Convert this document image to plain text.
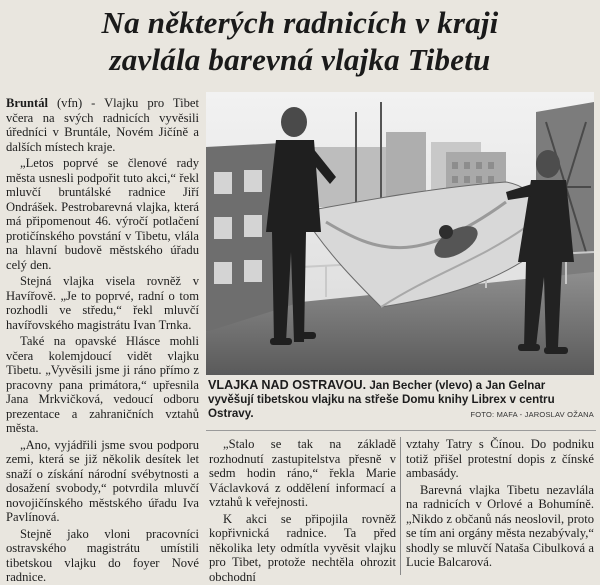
Na některých radnicích v kraji
zavlála barevná vlajka Tibetu

Bruntál (vfn) - Vlajku pro Tibet včera na svých radnicích vyvěsili úředníci v Bruntále, Novém Jičíně a dalších místech kraje.

„Letos poprvé se členové rady města usnesli podpořit tuto akci,“ řekl mluvčí bruntálské radnice Jiří Ondrášek. Pestrobarevná vlajka, která má připomenout 46. výročí potlačení protičínského povstání v Tibetu, vlála na hlavní budově městského úřadu celý den.

Stejná vlajka visela rovněž v Havířově. „Je to poprvé, radní o tom rozhodli ve středu,“ řekl mluvčí havířovského magistrátu Ivan Trnka.

Také na opavské Hlásce mohli včera kolemjdoucí vidět vlajku Tibetu. „Vyvěsili jsme ji ráno přímo z pracovny pana primátora,“ upřesnila Jana Mrkvičková, vedoucí odboru prezentace a zahraničních vztahů města.

„Ano, vyjádřili jsme svou podporu zemi, která se již několik desítek let snaží o získání národní svébytnosti a dosažení svobody,“ potvrdila mluvčí novojičínského městského úřadu Iva Pavlínová.

Stejně jako vloni pracovníci ostravského magistrátu umístili tibetskou vlajku do foyer Nové radnice.

VLAJKA NAD OSTRAVOU. Jan Becher (vlevo) a Jan Gelnar vyvěšují tibetskou vlajku na střeše Domu knihy Librex v centru Ostravy.	FOTO: MAFA - JAROSLAV OŽANA

„Stalo se tak na základě rozhodnutí zastupitelstva přesně v sedm hodin ráno,“ řekla Marie Václavková z oddělení informací a vztahů k veřejnosti.

K akci se připojila rovněž kopřivnická radnice. Ta před několika lety odmítla vyvěsit vlajku pro Tibet, protože nechtěla ohrozit obchodní

vztahy Tatry s Čínou. Do podniku totiž přišel protestní dopis z čínské ambasády.

Barevná vlajka Tibetu nezavlála na radnicích v Orlové a Bohumíně. „Nikdo z občanů nás neoslovil, proto se tím ani orgány města nezabývaly,“ shodly se mluvčí Nataša Cibulková a Lucie Balcarová.
